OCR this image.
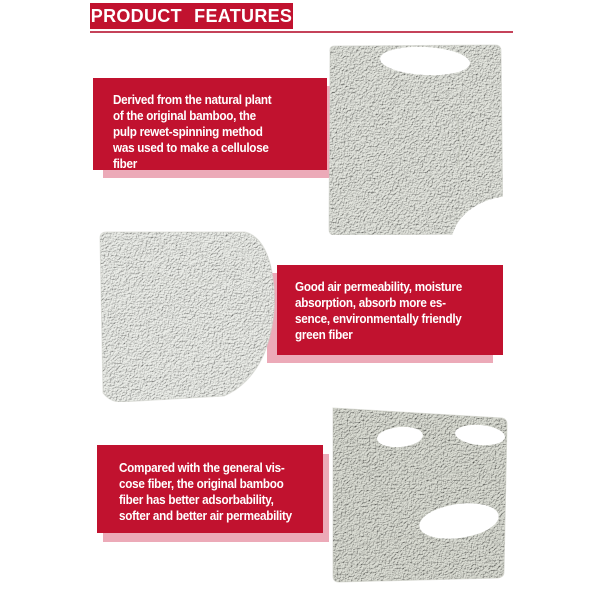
PRODUCT FEATURES
Derived from the natural plant
of the original bamboo, the
pulp rewet-spinning method
was used to make a cellulose
fiber
Good air permeability, moisture
absorption, absorb more es-
sence, environmentally friendly
green fiber
Compared with the general vis-
cose fiber, the original bamboo
fiber has better adsorbability,
softer and better air permeability
